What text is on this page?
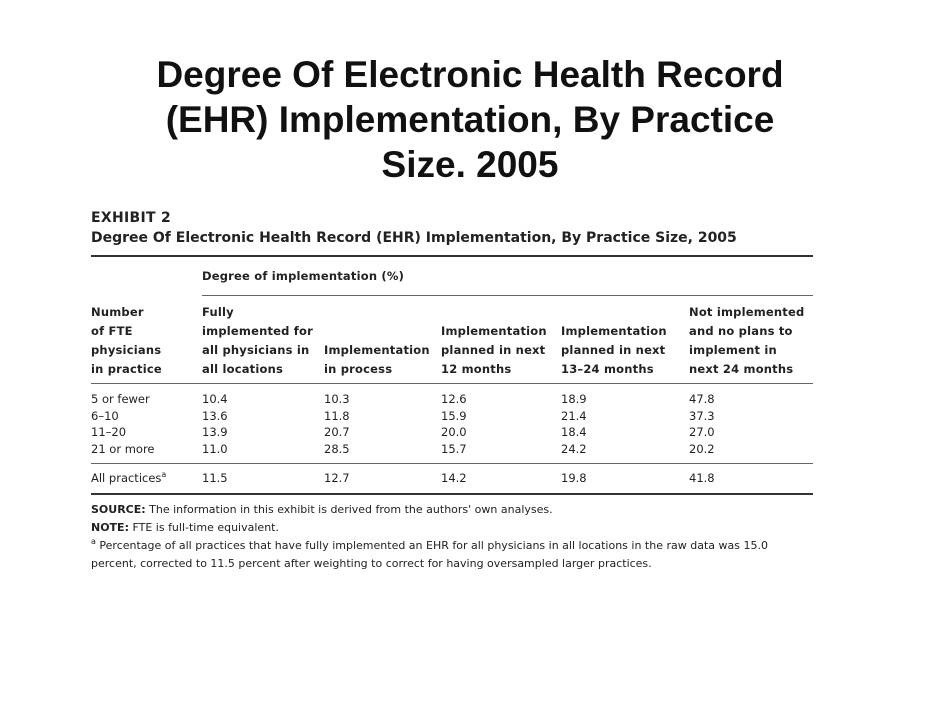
Degree Of Electronic Health Record
(EHR) Implementation, By Practice
Size. 2005
EXHIBIT 2
Degree Of Electronic Health Record (EHR) Implementation, By Practice Size, 2005
Degree of implementation (%)
Number
of FTE
physicians
in practice	Fully
implemented for
all physicians in
all locations	Implementation
in process	Implementation
planned in next
12 months	Implementation
planned in next
13–24 months	Not implemented
and no plans to
implement in
next 24 months
5 or fewer	10.4	10.3	12.6	18.9	47.8
6–10	13.6	11.8	15.9	21.4	37.3
11–20	13.9	20.7	20.0	18.4	27.0
21 or more	11.0	28.5	15.7	24.2	20.2
All practices$^a$	11.5	12.7	14.2	19.8	41.8
SOURCE: The information in this exhibit is derived from the authors' own analyses.
NOTE: FTE is full-time equivalent.
$^a$ Percentage of all practices that have fully implemented an EHR for all physicians in all locations in the raw data was 15.0 percent, corrected to 11.5 percent after weighting to correct for having oversampled larger practices.
